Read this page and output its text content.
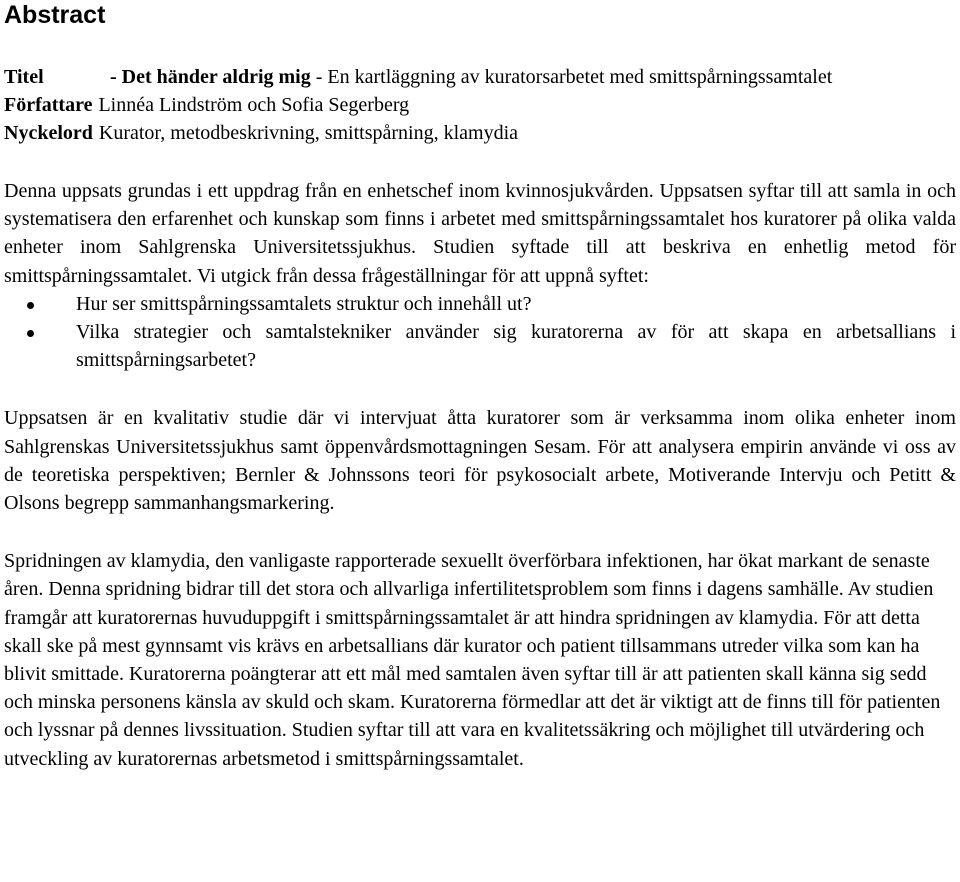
Abstract
Titel	- Det händer aldrig mig - En kartläggning av kuratorsarbetet med smittspårningssamtalet
Författare Linnéa Lindström och Sofia Segerberg
Nyckelord Kurator, metodbeskrivning, smittspårning, klamydia

Denna uppsats grundas i ett uppdrag från en enhetschef inom kvinnosjukvården. Uppsatsen syftar till att samla in och systematisera den erfarenhet och kunskap som finns i arbetet med smittspårningssamtalet hos kuratorer på olika valda enheter inom Sahlgrenska Universitetssjukhus. Studien syftade till att beskriva en enhetlig metod för smittspårningssamtalet. Vi utgick från dessa frågeställningar för att uppnå syftet:

Hur ser smittspårningssamtalets struktur och innehåll ut?
Vilka strategier och samtalstekniker använder sig kuratorerna av för att skapa en arbetsallians i smittspårningsarbetet?

Uppsatsen är en kvalitativ studie där vi intervjuat åtta kuratorer som är verksamma inom olika enheter inom Sahlgrenskas Universitetssjukhus samt öppenvårdsmottagningen Sesam. För att analysera empirin använde vi oss av de teoretiska perspektiven; Bernler & Johnssons teori för psykosocialt arbete, Motiverande Intervju och Petitt & Olsons begrepp sammanhangsmarkering.

Spridningen av klamydia, den vanligaste rapporterade sexuellt överförbara infektionen, har ökat markant de senaste åren. Denna spridning bidrar till det stora och allvarliga infertilitetsproblem som finns i dagens samhälle. Av studien framgår att kuratorernas huvuduppgift i smittspårningssamtalet är att hindra spridningen av klamydia. För att detta skall ske på mest gynnsamt vis krävs en arbetsallians där kurator och patient tillsammans utreder vilka som kan ha blivit smittade. Kuratorerna poängterar att ett mål med samtalen även syftar till är att patienten skall känna sig sedd och minska personens känsla av skuld och skam. Kuratorerna förmedlar att det är viktigt att de finns till för patienten och lyssnar på dennes livssituation. Studien syftar till att vara en kvalitetssäkring och möjlighet till utvärdering och utveckling av kuratorernas arbetsmetod i smittspårningssamtalet.
